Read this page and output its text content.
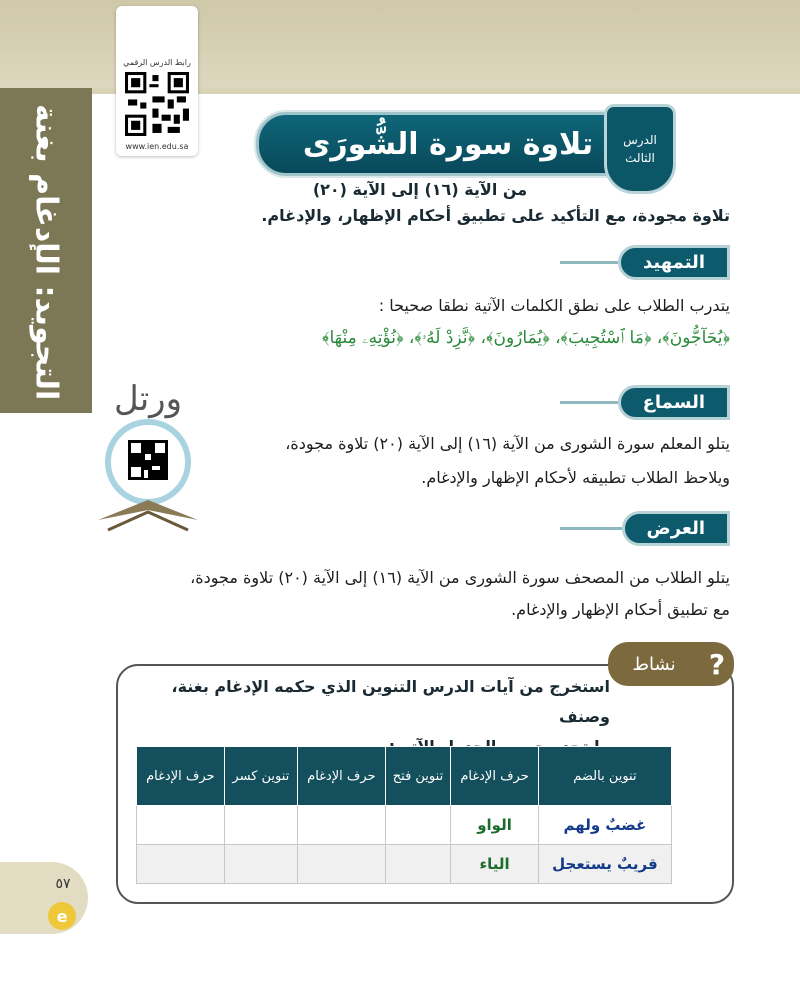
التجويد: الإدغام بغنة
رابط الدرس الرقمي
www.ien.edu.sa	تلاوة سورة الشُّورَى	الدرس
الثالث
من الآية (١٦) إلى الآية (٢٠)
تلاوة مجودة، مع التأكيد على تطبيق أحكام الإظهار، والإدغام.
التمهيد
يتدرب الطلاب على نطق الكلمات الآتية نطقا صحيحا :
﴿يُحَآجُّونَ﴾، ﴿مَا ٱسْتُجِيبَ﴾، ﴿يُمَارُونَ﴾، ﴿نَّزِدْ لَهُۥ﴾، ﴿نُؤْتِهِۦ مِنْهَا﴾
ورتل	السماع
يتلو المعلم سورة الشورى من الآية (١٦) إلى الآية (٢٠) تلاوة مجودة،
ويلاحظ الطلاب تطبيقه لأحكام الإظهار والإدغام.
العرض
يتلو الطلاب من المصحف سورة الشورى من الآية (١٦) إلى الآية (٢٠) تلاوة مجودة،
مع تطبيق أحكام الإظهار والإدغام.
نشاط	?
استخرج من آيات الدرس التنوين الذي حكمه الإدغام بغنة، وصنف
تنوين بالضم	حرف الإدغام	تنوين فتح	حرف الإدغام	تنوين كسر	حرف الإدغام
غضبٌ ولهم	الواو				
قريبٌ يستعجل	الياء				
٥٧
e
